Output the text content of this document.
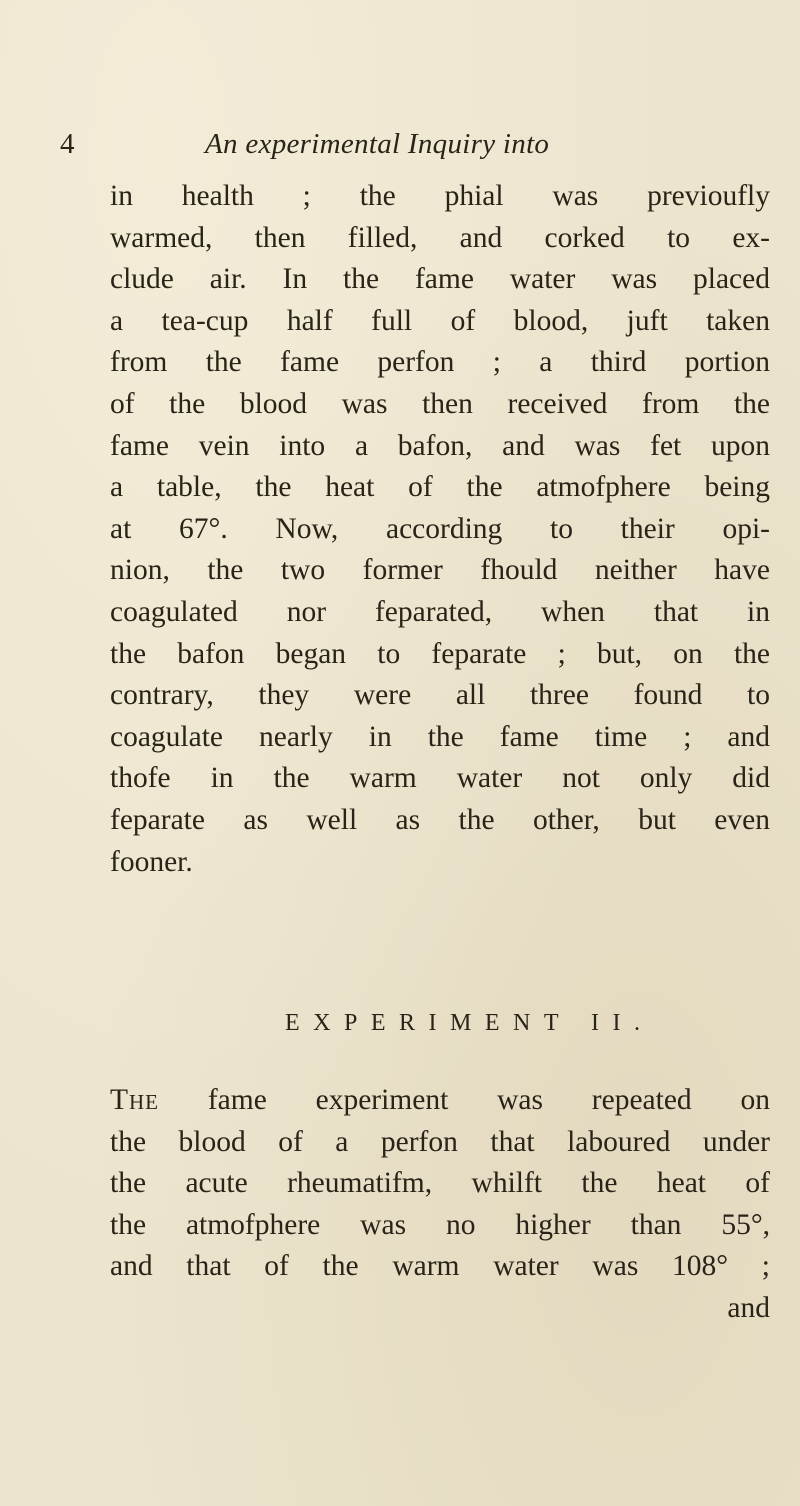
4	An experimental Inquiry into
in health ; the phial was previoufly
warmed, then filled, and corked to ex-
clude air. In the fame water was placed
a tea-cup half full of blood, juft taken
from the fame perfon ; a third portion
of the blood was then received from the
fame vein into a bafon, and was fet upon
a table, the heat of the atmofphere being
at 67°. Now, according to their opi-
nion, the two former fhould neither have
coagulated nor feparated, when that in
the bafon began to feparate ; but, on the
contrary, they were all three found to
coagulate nearly in the fame time ; and
thofe in the warm water not only did
feparate as well as the other, but even
fooner.
EXPERIMENT II.
The fame experiment was repeated on
the blood of a perfon that laboured under
the acute rheumatifm, whilft the heat of
the atmofphere was no higher than 55°,
and that of the warm water was 108° ;
and
